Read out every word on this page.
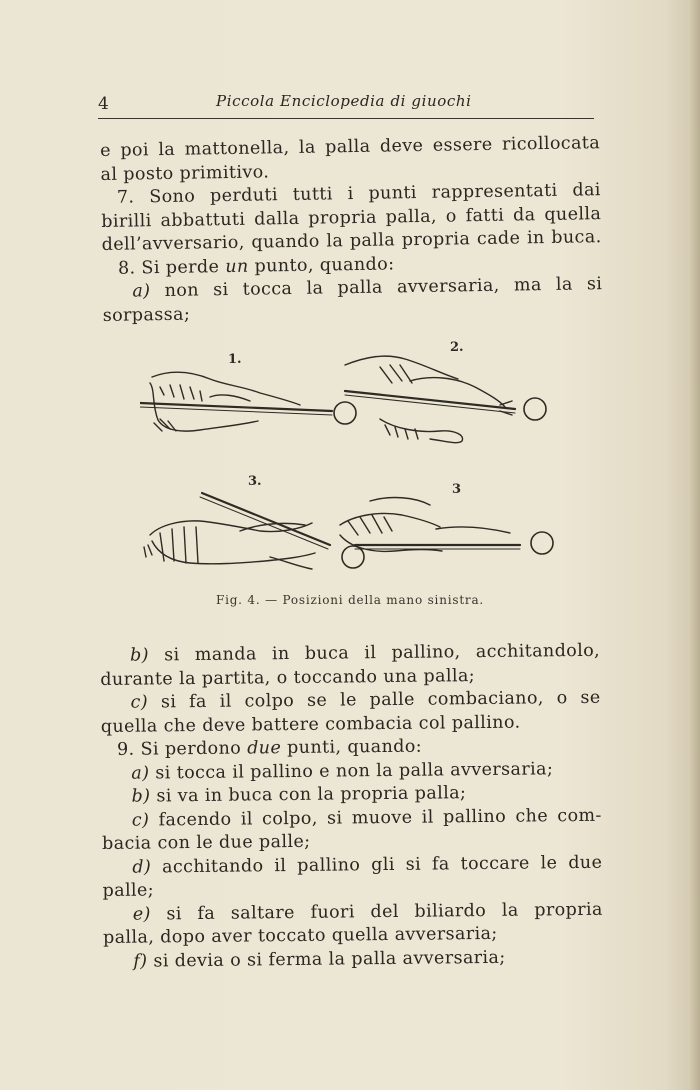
4	Piccola Enciclopedia di giuochi
e poi la mattonella, la palla deve essere ricollocata
al posto primitivo.
7. Sono perduti tutti i punti rappresentati dai
birilli abbattuti dalla propria palla, o fatti da quella
dell’avversario, quando la palla propria cade in buca.
8. Si perde un punto, quando:
a) non si tocca la palla avversaria, ma la si
sorpassa;
1.
2.
3.
3
Fig. 4. — Posizioni della mano sinistra.
b) si manda in buca il pallino, acchitandolo,
durante la partita, o toccando una palla;
c) si fa il colpo se le palle combaciano, o se
quella che deve battere combacia col pallino.
9. Si perdono due punti, quando:
a) si tocca il pallino e non la palla avversaria;
b) si va in buca con la propria palla;
c) facendo il colpo, si muove il pallino che com-
bacia con le due palle;
d) acchitando il pallino gli si fa toccare le due
palle;
e) si fa saltare fuori del biliardo la propria
palla, dopo aver toccato quella avversaria;
f) si devia o si ferma la palla avversaria;
